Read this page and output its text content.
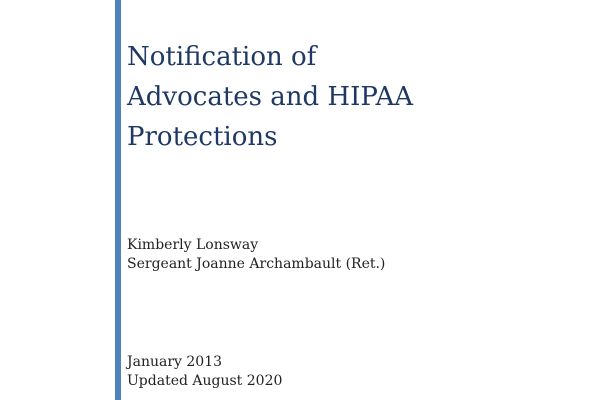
Notification of
Advocates and HIPAA
Protections
Kimberly Lonsway
Sergeant Joanne Archambault (Ret.)
January 2013
Updated August 2020
